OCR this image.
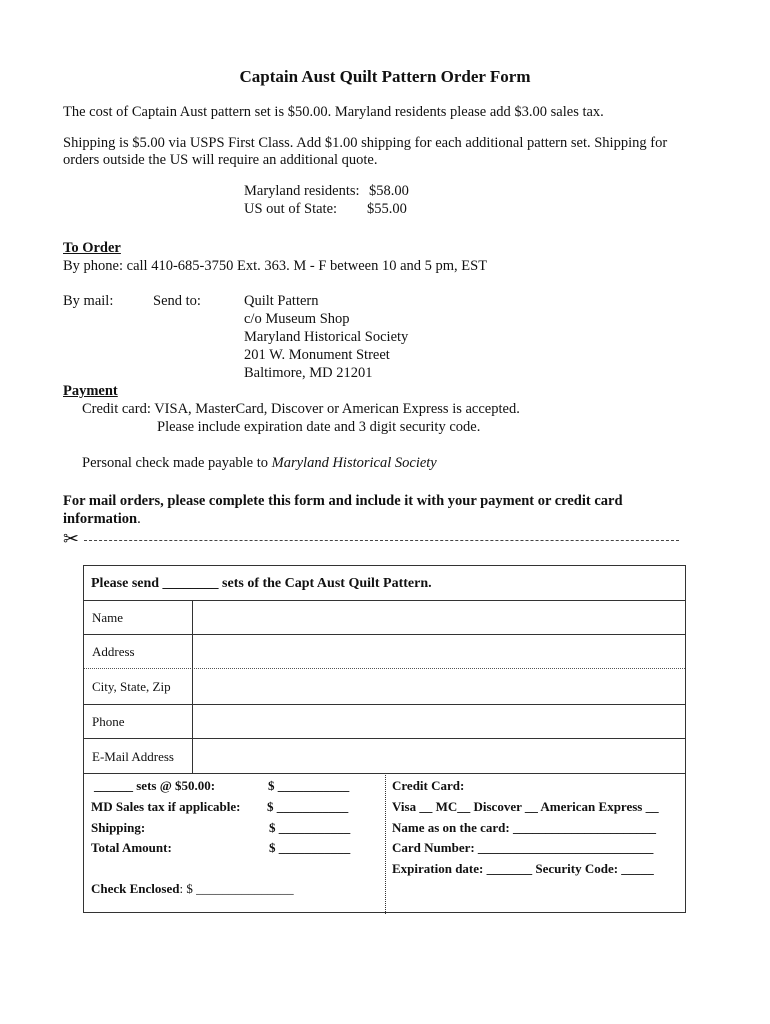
Captain Aust Quilt Pattern Order Form
The cost of Captain Aust pattern set is $50.00. Maryland residents please add $3.00 sales tax.
Shipping is $5.00 via USPS First Class. Add $1.00 shipping for each additional pattern set. Shipping for
orders outside the US will require an additional quote.
Maryland residents: $58.00
US out of State: $55.00
To Order
By phone: call 410-685-3750 Ext. 363. M - F between 10 and 5 pm, EST
By mail:	Send to:	Quilt Pattern
c/o Museum Shop
Maryland Historical Society
201 W. Monument Street
Baltimore, MD 21201
Payment
Credit card: VISA, MasterCard, Discover or American Express is accepted.
Please include expiration date and 3 digit security code.
Personal check made payable to Maryland Historical Society
For mail orders, please complete this form and include it with your payment or credit card
information.
✂
Please send ________ sets of the Capt Aust Quilt Pattern.
Name
Address
City, State, Zip
Phone
E-Mail Address
______ sets @ $50.00:	$ ___________
MD Sales tax if applicable: $ ___________
Shipping:	$ ___________
Total Amount:	$ ___________
Check Enclosed: $ _______________
Credit Card:
Visa __ MC__ Discover __ American Express __
Name as on the card: ______________________
Card Number: ___________________________
Expiration date: _______ Security Code: _____
